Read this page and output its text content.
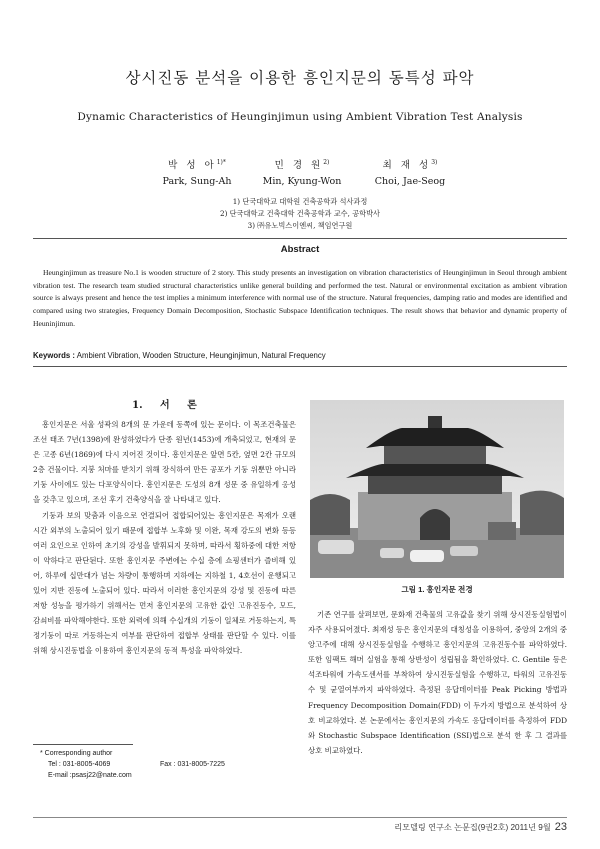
상시진동 분석을 이용한 흥인지문의 동특성 파악
Dynamic Characteristics of Heunginjimun using Ambient Vibration Test Analysis
박 성 아$^{1)*}$
Park, Sung-Ah
민 경 원$^{2)}$
Min, Kyung-Won
최 재 성$^{3)}$
Choi, Jae-Seog
1) 단국대학교 대학원 건축공학과 석사과정
2) 단국대학교 건축대학 건축공학과 교수, 공학박사
3) ㈜유노빅스이엔씨, 책임연구원
Abstract
Heunginjimun as treasure No.1 is wooden structure of 2 story. This study presents an investigation on vibration characteristics of Heunginjimun in Seoul through ambient vibration test. The research team studied structural characteristics unlike general building and performed the test. Natural or environmental excitation as ambient vibration source is always present and hence the test implies a minimum interference with normal use of the structure. Natural frequencies, damping ratio and modes are identified and compared using two strategies, Frequency Domain Decomposition, Stochastic Subspace Identification techniques. The result shows that behavior and dynamic property of Heuninjimun.
Keywords : Ambient Vibration, Wooden Structure, Heunginjimun, Natural Frequency
1. 서 론

흥인지문은 서울 성곽의 8개의 문 가운데 동쪽에 있는 문이다. 이 목조건축물은 조선 태조 7년(1398)에 완성하였다가 단종 원년(1453)에 개축되었고, 현재의 문은 고종 6년(1869)에 다시 지어진 것이다. 흥인지문은 앞면 5칸, 옆면 2칸 규모의 2층 건물이다. 지붕 처마를 받치기 위해 장식하여 만든 공포가 기둥 위뿐만 아니라 기둥 사이에도 있는 다포양식이다. 흥인지문은 도성의 8개 성문 중 유일하게 옹성을 갖추고 있으며, 조선 후기 건축양식을 잘 나타내고 있다.

기둥과 보의 맞춤과 이음으로 연결되어 접합되어있는 흥인지문은 목재가 오랜 시간 외부의 노출되어 있기 때문에 접합부 노후화 및 이완, 목재 강도의 변화 등등 여러 요인으로 인하여 초기의 강성을 발휘되지 못하며, 따라서 횡하중에 대한 저항이 약하다고 판단된다. 또한 흥인지문 주변에는 수십 층에 쇼핑센터가 즐비해 있어, 하루에 십만대가 넘는 차량이 통행하며 지하에는 지하철 1, 4호선이 운행되고 있어 지반 진동에 노출되어 있다. 따라서 이러한 흥인지문의 강성 및 진동에 따른 저항 성능을 평가하기 위해서는 먼저 흥인지문의 고유한 값인 고유진동수, 모드, 감쇠비를 파악해야한다. 또한 외력에 의해 수십개의 기둥이 일체로 거동하는지, 특정기둥이 따로 거동하는지 여부를 판단하여 접합부 상태를 판단할 수 있다. 이를 위해 상시진동법을 이용하여 흥인지문의 동적 특성을 파악하였다.

그림 1. 흥인지문 전경

기존 연구를 살펴보면, 문화재 건축물의 고유값을 찾기 위해 상시진동실험법이 자주 사용되어졌다. 최재성 등은 흥인지문의 대칭성을 이용하여, 중앙의 2개의 중앙고주에 대해 상시진동실험을 수행하고 흥인지문의 고유진동수를 파악하였다. 또한 임팩트 해머 실험을 통해 상반성이 성립됨을 확인하였다. C. Gentile 등은 석조타워에 가속도센서를 부착하여 상시진동실험을 수행하고, 타워의 고유진동수 및 균열여부까지 파악하였다. 측정된 응답데이터를 Peak Picking 방법과 Frequency Decomposition Domain(FDD) 이 두가지 방법으로 분석하여 상호 비교하였다. 본 논문에서는 흥인지문의 가속도 응답데이터를 측정하여 FDD와 Stochastic Subspace Identification (SSI)법으로 분석 한 후 그 결과를 상호 비교하였다.

* Corresponding author
Tel : 031-8005-4069	Fax : 031-8005-7225
E-mail :psasj22@nate.com
리모델링 연구소 논문집(9권2호) 2011년 9월 23
